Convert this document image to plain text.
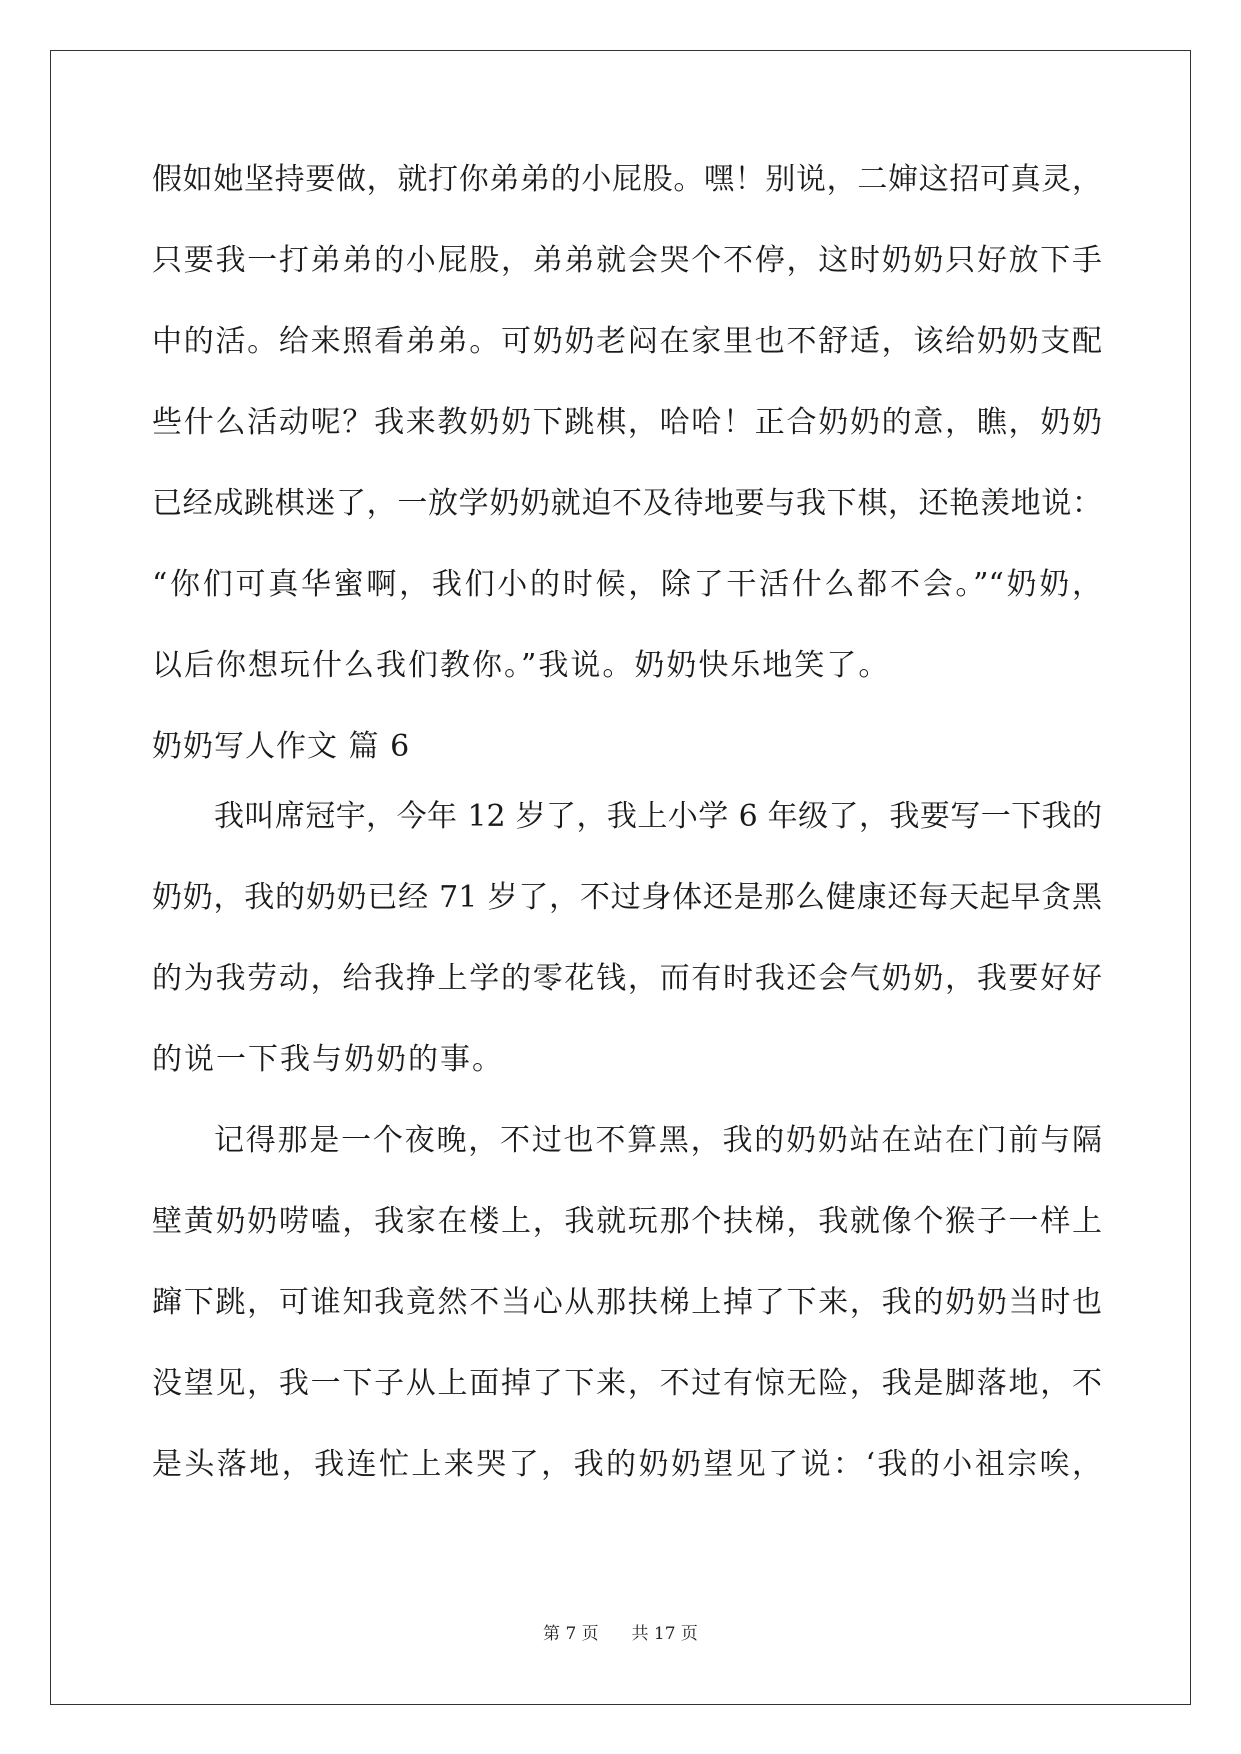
假如她坚持要做，就打你弟弟的小屁股。嘿！别说，二婶这招可真灵，
只要我一打弟弟的小屁股，弟弟就会哭个不停，这时奶奶只好放下手
中的活。给来照看弟弟。可奶奶老闷在家里也不舒适，该给奶奶支配
些什么活动呢？我来教奶奶下跳棋，哈哈！正合奶奶的意，瞧，奶奶
已经成跳棋迷了，一放学奶奶就迫不及待地要与我下棋，还艳羡地说：
“你们可真华蜜啊，我们小的时候，除了干活什么都不会。”“奶奶，
以后你想玩什么我们教你。”我说。奶奶快乐地笑了。
奶奶写人作文 篇 6
我叫席冠宇，今年 12 岁了，我上小学 6 年级了，我要写一下我的
奶奶，我的奶奶已经 71 岁了，不过身体还是那么健康还每天起早贪黑
的为我劳动，给我挣上学的零花钱，而有时我还会气奶奶，我要好好
的说一下我与奶奶的事。
记得那是一个夜晚，不过也不算黑，我的奶奶站在站在门前与隔
壁黄奶奶唠嗑，我家在楼上，我就玩那个扶梯，我就像个猴子一样上
蹿下跳，可谁知我竟然不当心从那扶梯上掉了下来，我的奶奶当时也
没望见，我一下子从上面掉了下来，不过有惊无险，我是脚落地，不
是头落地，我连忙上来哭了，我的奶奶望见了说：‘我的小祖宗唉，
第 7 页 共 17 页
